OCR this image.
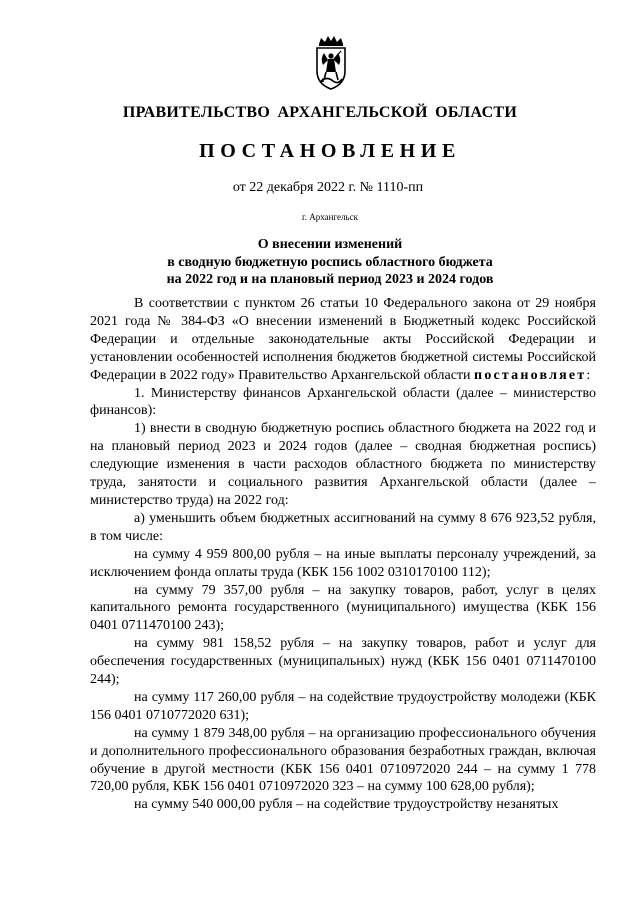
ПРАВИТЕЛЬСТВО АРХАНГЕЛЬСКОЙ ОБЛАСТИ
ПОСТАНОВЛЕНИЕ
от 22 декабря 2022 г. № 1110-пп
г. Архангельск
О внесении изменений
в сводную бюджетную роспись областного бюджета
на 2022 год и на плановый период 2023 и 2024 годов

В соответствии с пунктом 26 статьи 10 Федерального закона от 29 ноября 2021 года № 384-ФЗ «О внесении изменений в Бюджетный кодекс Российской Федерации и отдельные законодательные акты Российской Федерации и установлении особенностей исполнения бюджетов бюджетной системы Российской Федерации в 2022 году» Правительство Архангельской области постановляет:

1. Министерству финансов Архангельской области (далее – министерство финансов):

1) внести в сводную бюджетную роспись областного бюджета на 2022 год и на плановый период 2023 и 2024 годов (далее – сводная бюджетная роспись) следующие изменения в части расходов областного бюджета по министерству труда, занятости и социального развития Архангельской области (далее – министерство труда) на 2022 год:

а) уменьшить объем бюджетных ассигнований на сумму 8 676 923,52 рубля, в том числе:

на сумму 4 959 800,00 рубля – на иные выплаты персоналу учреждений, за исключением фонда оплаты труда (КБК 156 1002 0310170100 112);

на сумму 79 357,00 рубля – на закупку товаров, работ, услуг в целях капитального ремонта государственного (муниципального) имущества (КБК 156 0401 0711470100 243);

на сумму 981 158,52 рубля – на закупку товаров, работ и услуг для обеспечения государственных (муниципальных) нужд (КБК 156 0401 0711470100 244);

на сумму 117 260,00 рубля – на содействие трудоустройству молодежи (КБК 156 0401 0710772020 631);

на сумму 1 879 348,00 рубля – на организацию профессионального обучения и дополнительного профессионального образования безработных граждан, включая обучение в другой местности (КБК 156 0401 0710972020 244 – на сумму 1 778 720,00 рубля, КБК 156 0401 0710972020 323 – на сумму 100 628,00 рубля);

на сумму 540 000,00 рубля – на содействие трудоустройству незанятых
